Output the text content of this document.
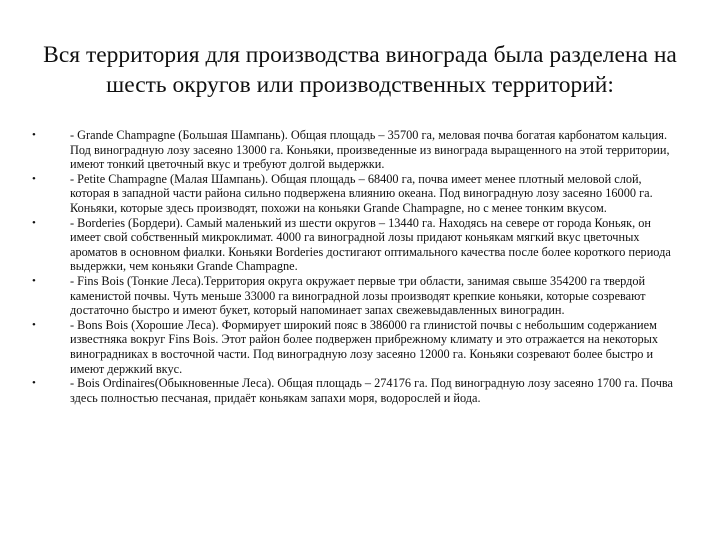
Вся территория для производства винограда была разделена на шесть округов или производственных территорий:
•	- Grande Champagne (Большая Шампань). Общая площадь – 35700 га, меловая почва богатая карбонатом кальция. Под виноградную лозу засеяно 13000 га. Коньяки, произведенные из винограда выращенного на этой территории, имеют тонкий цветочный вкус и требуют долгой выдержки.
•	- Petite Champagne (Малая Шампань). Общая площадь – 68400 га, почва имеет менее плотный меловой слой, которая в западной части района сильно подвержена влиянию океана. Под виноградную лозу засеяно 16000 га. Коньяки, которые здесь производят, похожи на коньяки Grande Champagne, но с менее тонким вкусом.
•	- Borderies (Бордери). Самый маленький из шести округов – 13440 га. Находясь на севере от города Коньяк, он имеет свой собственный микроклимат. 4000 га виноградной лозы придают коньякам мягкий вкус цветочных ароматов в основном фиалки. Коньяки Borderies достигают оптимального качества после более короткого периода выдержки, чем коньяки Grande Champagne.
•	- Fins Bois (Тонкие Леса).Территория округа окружает первые три области, занимая свыше 354200 га твердой каменистой почвы. Чуть меньше 33000 га виноградной лозы производят крепкие коньяки, которые созревают достаточно быстро и имеют букет, который напоминает запах свежевыдавленных виноградин.
•	- Bons Bois (Хорошие Леса). Формирует широкий пояс в 386000 га глинистой почвы с небольшим содержанием известняка вокруг Fins Bois. Этот район более подвержен прибрежному климату и это отражается на некоторых виноградниках в восточной части. Под виноградную лозу засеяно 12000 га. Коньяки созревают более быстро и имеют держкий вкус.
•	- Bois Ordinaires(Обыкновенные Леса). Общая площадь – 274176 га. Под виноградную лозу засеяно 1700 га. Почва здесь полностью песчаная, придаёт коньякам запахи моря, водорослей и йода.
